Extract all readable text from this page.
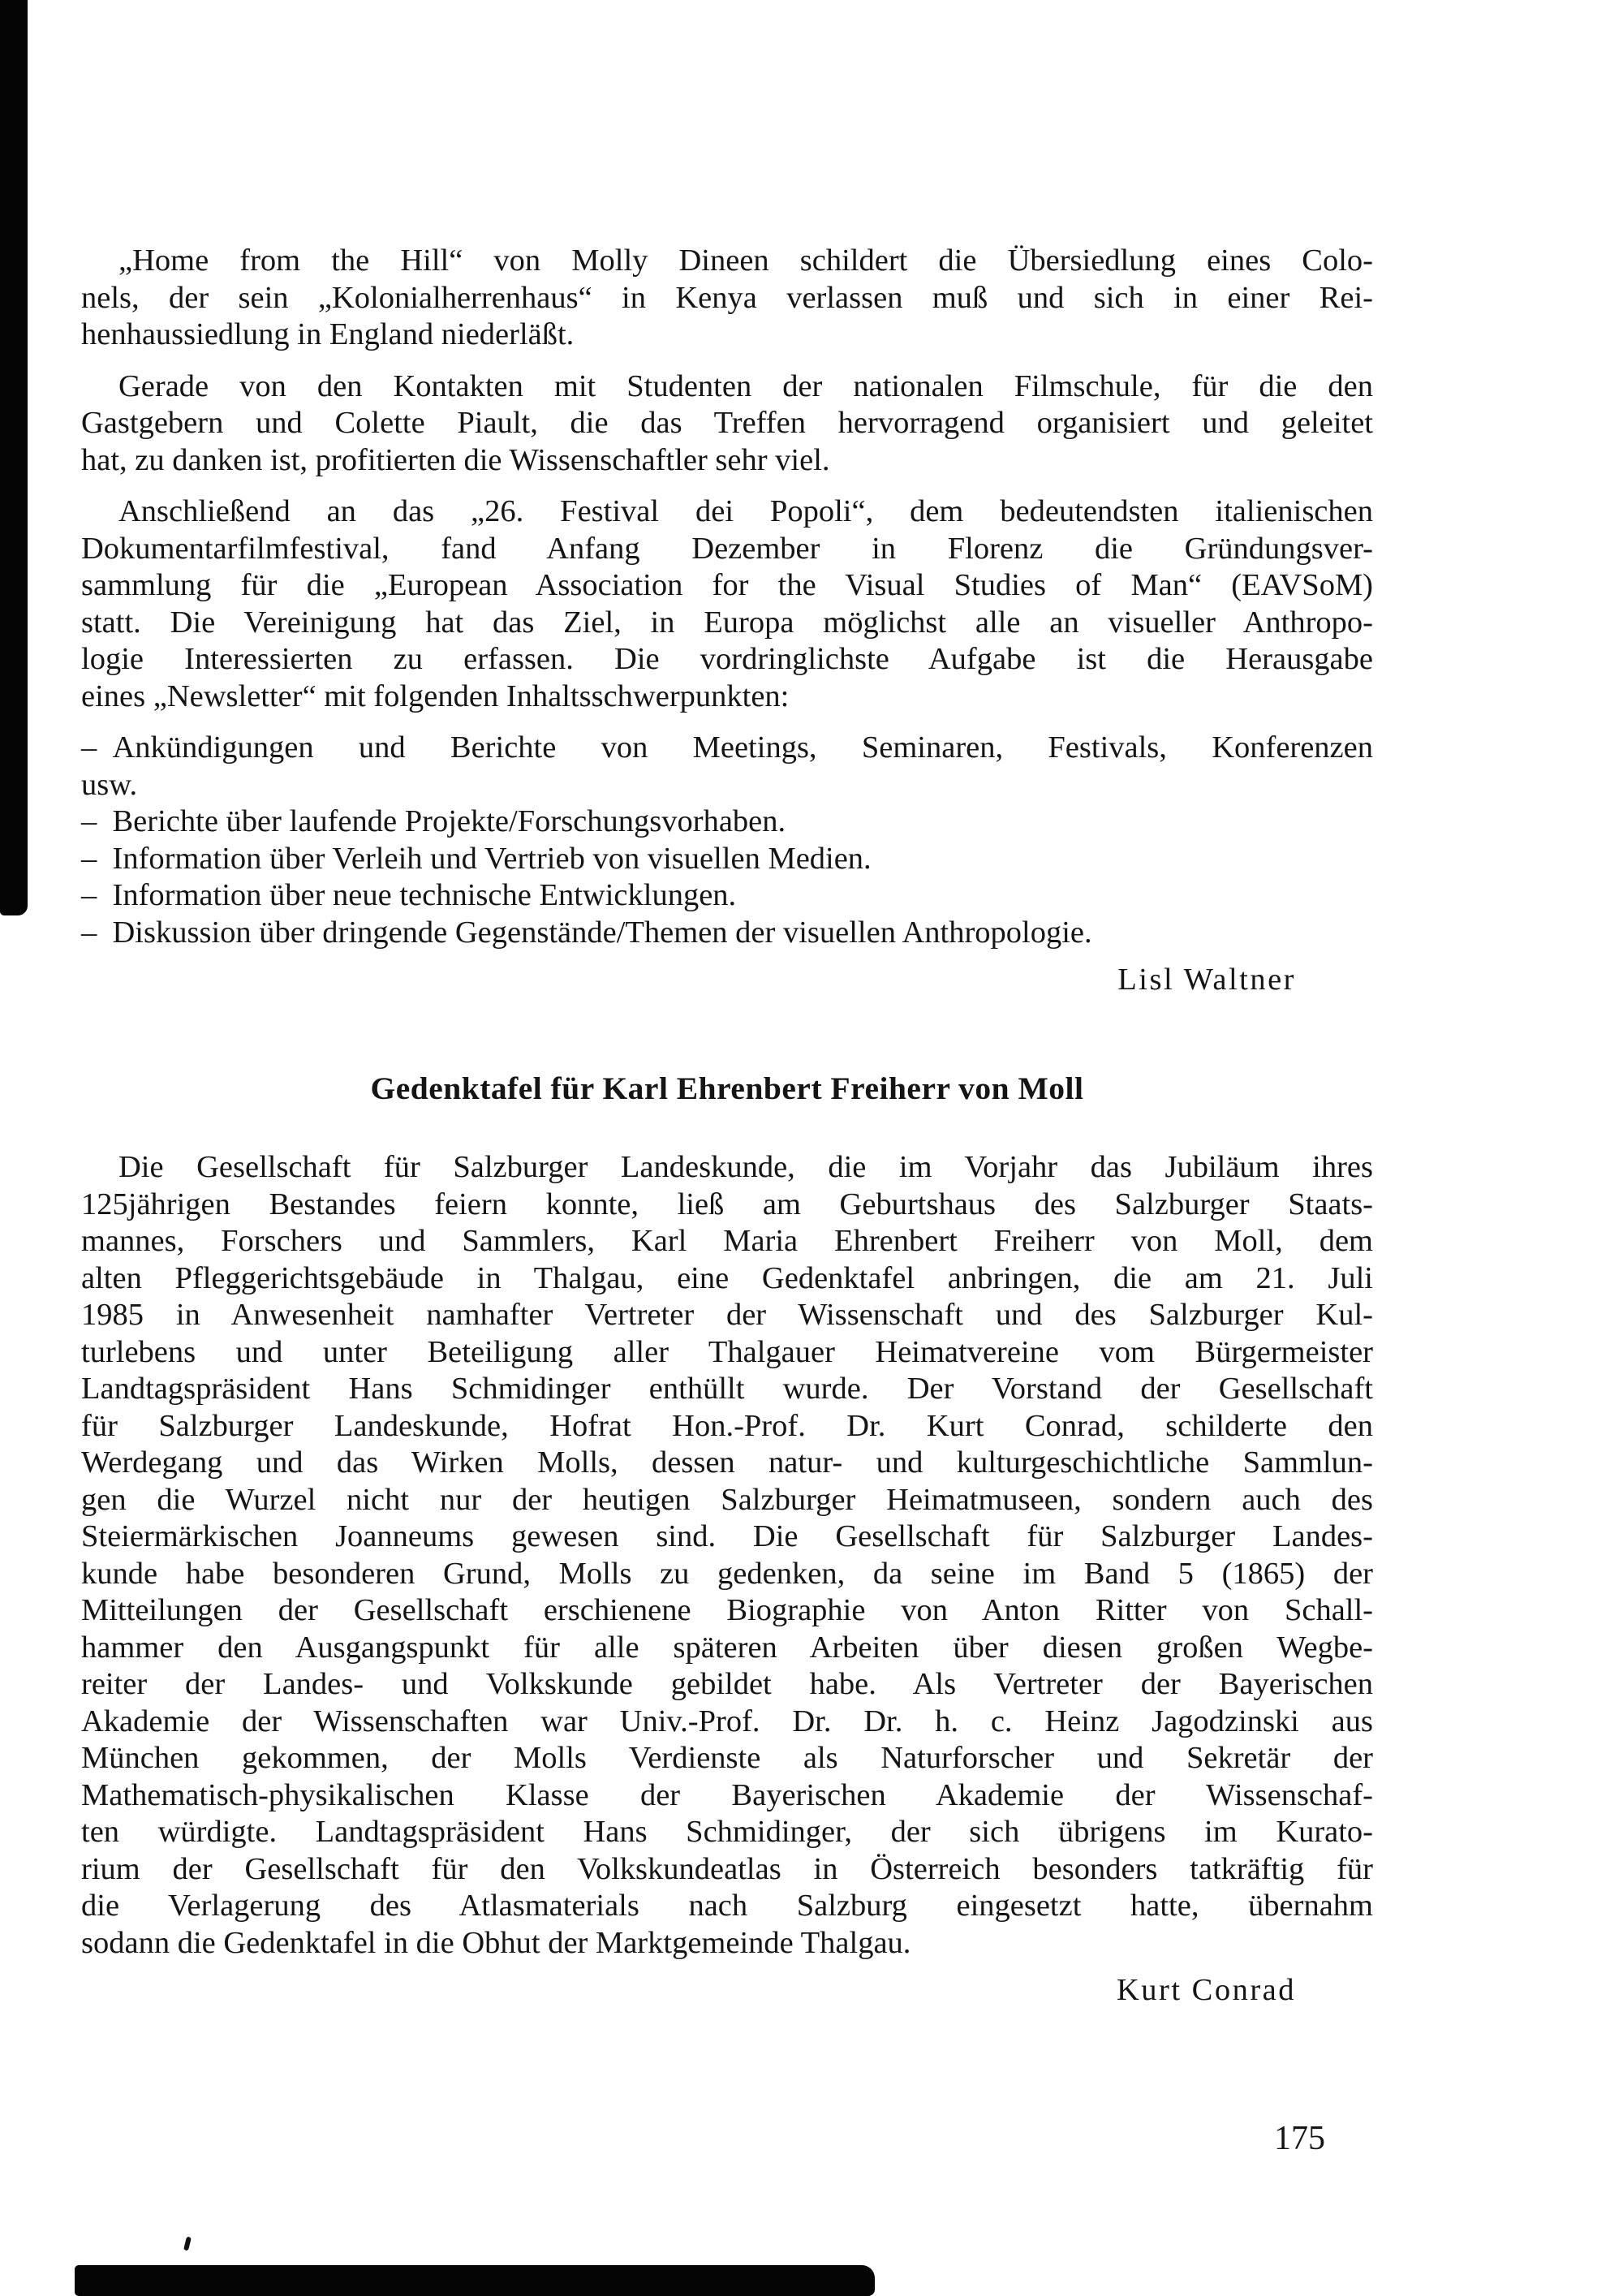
„Home from the Hill“ von Molly Dineen schildert die Übersiedlung eines Colo-
nels, der sein „Kolonialherrenhaus“ in Kenya verlassen muß und sich in einer Rei-
henhaussiedlung in England niederläßt.
Gerade von den Kontakten mit Studenten der nationalen Filmschule, für die den
Gastgebern und Colette Piault, die das Treffen hervorragend organisiert und geleitet
hat, zu danken ist, profitierten die Wissenschaftler sehr viel.
Anschließend an das „26. Festival dei Popoli“, dem bedeutendsten italienischen
Dokumentarfilmfestival, fand Anfang Dezember in Florenz die Gründungsver-
sammlung für die „European Association for the Visual Studies of Man“ (EAVSoM)
statt. Die Vereinigung hat das Ziel, in Europa möglichst alle an visueller Anthropo-
logie Interessierten zu erfassen. Die vordringlichste Aufgabe ist die Herausgabe
eines „Newsletter“ mit folgenden Inhaltsschwerpunkten:
– Ankündigungen und Berichte von Meetings, Seminaren, Festivals, Konferenzen
usw.
– Berichte über laufende Projekte/Forschungsvorhaben.
– Information über Verleih und Vertrieb von visuellen Medien.
– Information über neue technische Entwicklungen.
– Diskussion über dringende Gegenstände/Themen der visuellen Anthropologie.
Lisl Waltner
Gedenktafel für Karl Ehrenbert Freiherr von Moll
Die Gesellschaft für Salzburger Landeskunde, die im Vorjahr das Jubiläum ihres
125jährigen Bestandes feiern konnte, ließ am Geburtshaus des Salzburger Staats-
mannes, Forschers und Sammlers, Karl Maria Ehrenbert Freiherr von Moll, dem
alten Pfleggerichtsgebäude in Thalgau, eine Gedenktafel anbringen, die am 21. Juli
1985 in Anwesenheit namhafter Vertreter der Wissenschaft und des Salzburger Kul-
turlebens und unter Beteiligung aller Thalgauer Heimatvereine vom Bürgermeister
Landtagspräsident Hans Schmidinger enthüllt wurde. Der Vorstand der Gesellschaft
für Salzburger Landeskunde, Hofrat Hon.-Prof. Dr. Kurt Conrad, schilderte den
Werdegang und das Wirken Molls, dessen natur- und kulturgeschichtliche Sammlun-
gen die Wurzel nicht nur der heutigen Salzburger Heimatmuseen, sondern auch des
Steiermärkischen Joanneums gewesen sind. Die Gesellschaft für Salzburger Landes-
kunde habe besonderen Grund, Molls zu gedenken, da seine im Band 5 (1865) der
Mitteilungen der Gesellschaft erschienene Biographie von Anton Ritter von Schall-
hammer den Ausgangspunkt für alle späteren Arbeiten über diesen großen Wegbe-
reiter der Landes- und Volkskunde gebildet habe. Als Vertreter der Bayerischen
Akademie der Wissenschaften war Univ.-Prof. Dr. Dr. h. c. Heinz Jagodzinski aus
München gekommen, der Molls Verdienste als Naturforscher und Sekretär der
Mathematisch-physikalischen Klasse der Bayerischen Akademie der Wissenschaf-
ten würdigte. Landtagspräsident Hans Schmidinger, der sich übrigens im Kurato-
rium der Gesellschaft für den Volkskundeatlas in Österreich besonders tatkräftig für
die Verlagerung des Atlasmaterials nach Salzburg eingesetzt hatte, übernahm
sodann die Gedenktafel in die Obhut der Marktgemeinde Thalgau.
Kurt Conrad
175
